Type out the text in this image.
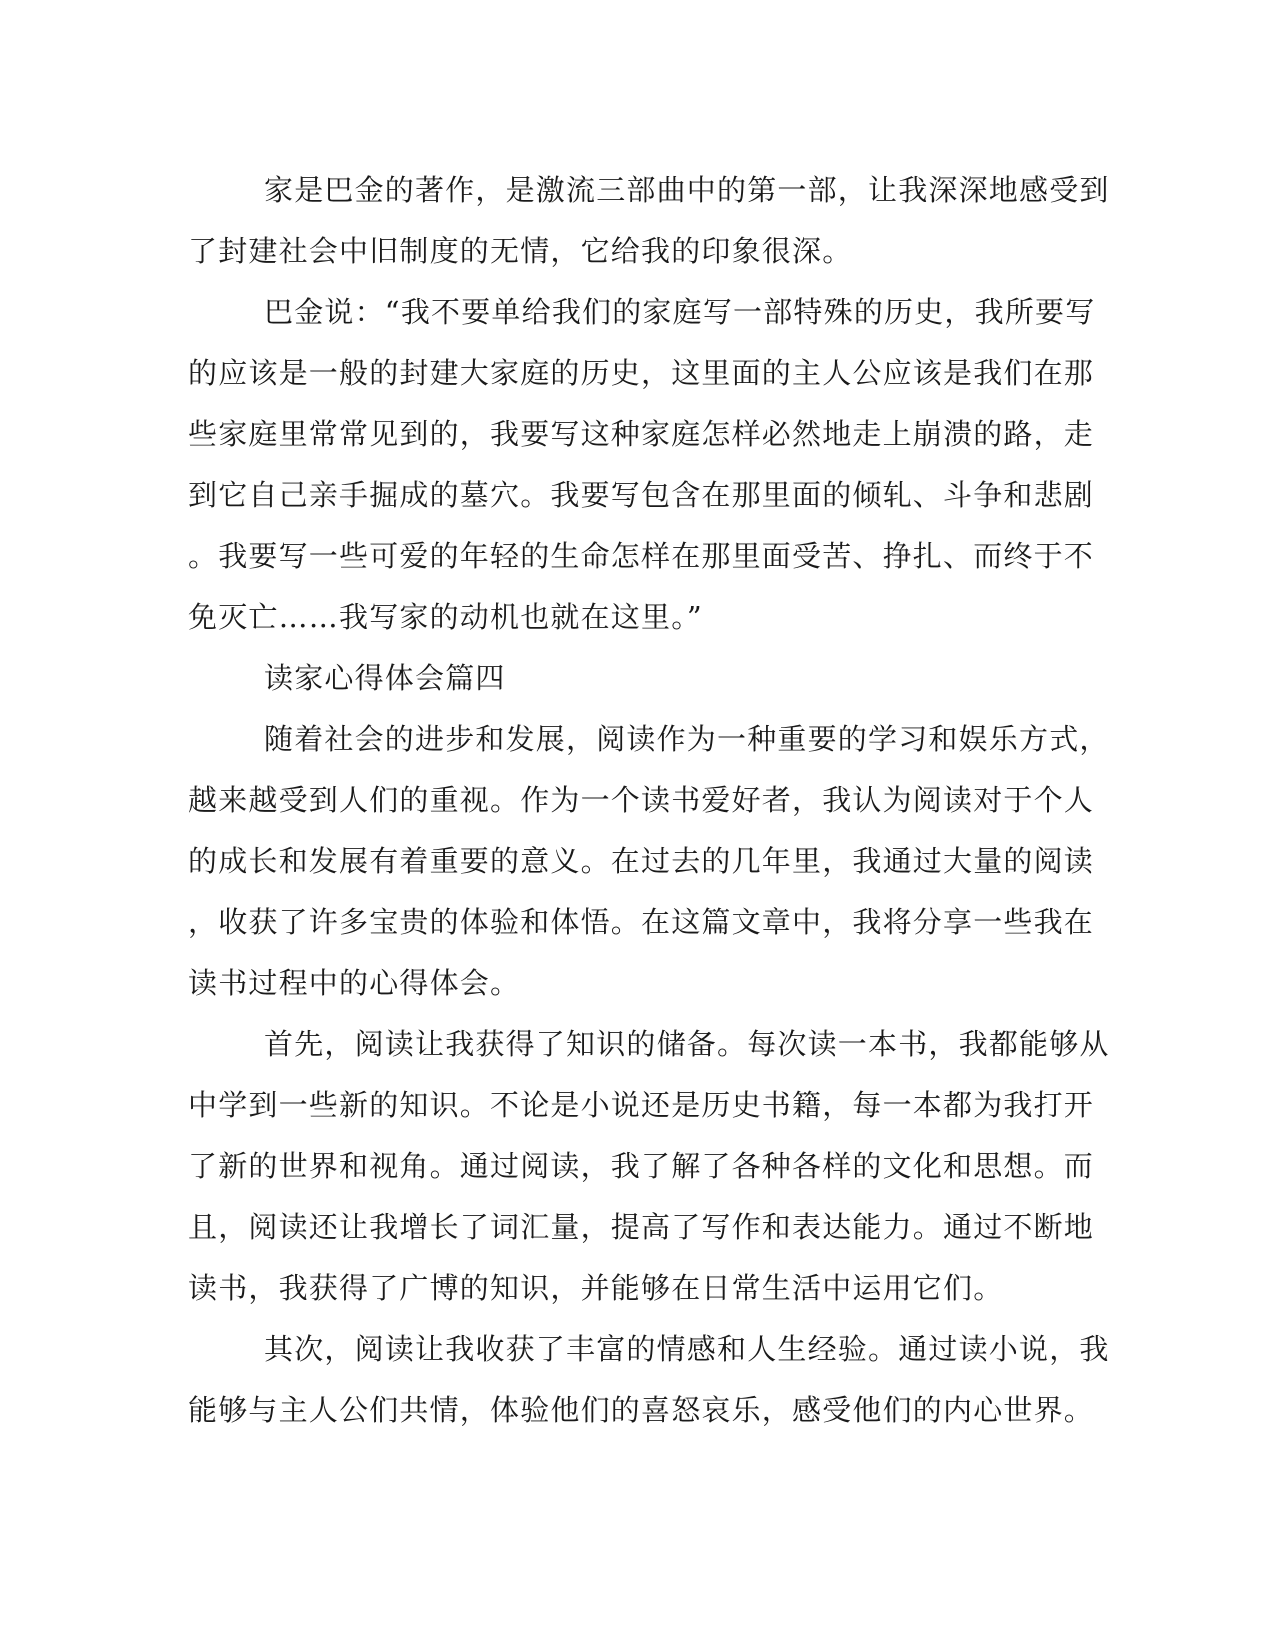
家是巴金的著作，是激流三部曲中的第一部，让我深深地感受到
了封建社会中旧制度的无情，它给我的印象很深。
巴金说：“我不要单给我们的家庭写一部特殊的历史，我所要写
的应该是一般的封建大家庭的历史，这里面的主人公应该是我们在那
些家庭里常常见到的，我要写这种家庭怎样必然地走上崩溃的路，走
到它自己亲手掘成的墓穴。我要写包含在那里面的倾轧、斗争和悲剧
。我要写一些可爱的年轻的生命怎样在那里面受苦、挣扎、而终于不
免灭亡……我写家的动机也就在这里。”
读家心得体会篇四
随着社会的进步和发展，阅读作为一种重要的学习和娱乐方式，
越来越受到人们的重视。作为一个读书爱好者，我认为阅读对于个人
的成长和发展有着重要的意义。在过去的几年里，我通过大量的阅读
，收获了许多宝贵的体验和体悟。在这篇文章中，我将分享一些我在
读书过程中的心得体会。
首先，阅读让我获得了知识的储备。每次读一本书，我都能够从
中学到一些新的知识。不论是小说还是历史书籍，每一本都为我打开
了新的世界和视角。通过阅读，我了解了各种各样的文化和思想。而
且，阅读还让我增长了词汇量，提高了写作和表达能力。通过不断地
读书，我获得了广博的知识，并能够在日常生活中运用它们。
其次，阅读让我收获了丰富的情感和人生经验。通过读小说，我
能够与主人公们共情，体验他们的喜怒哀乐，感受他们的内心世界。
